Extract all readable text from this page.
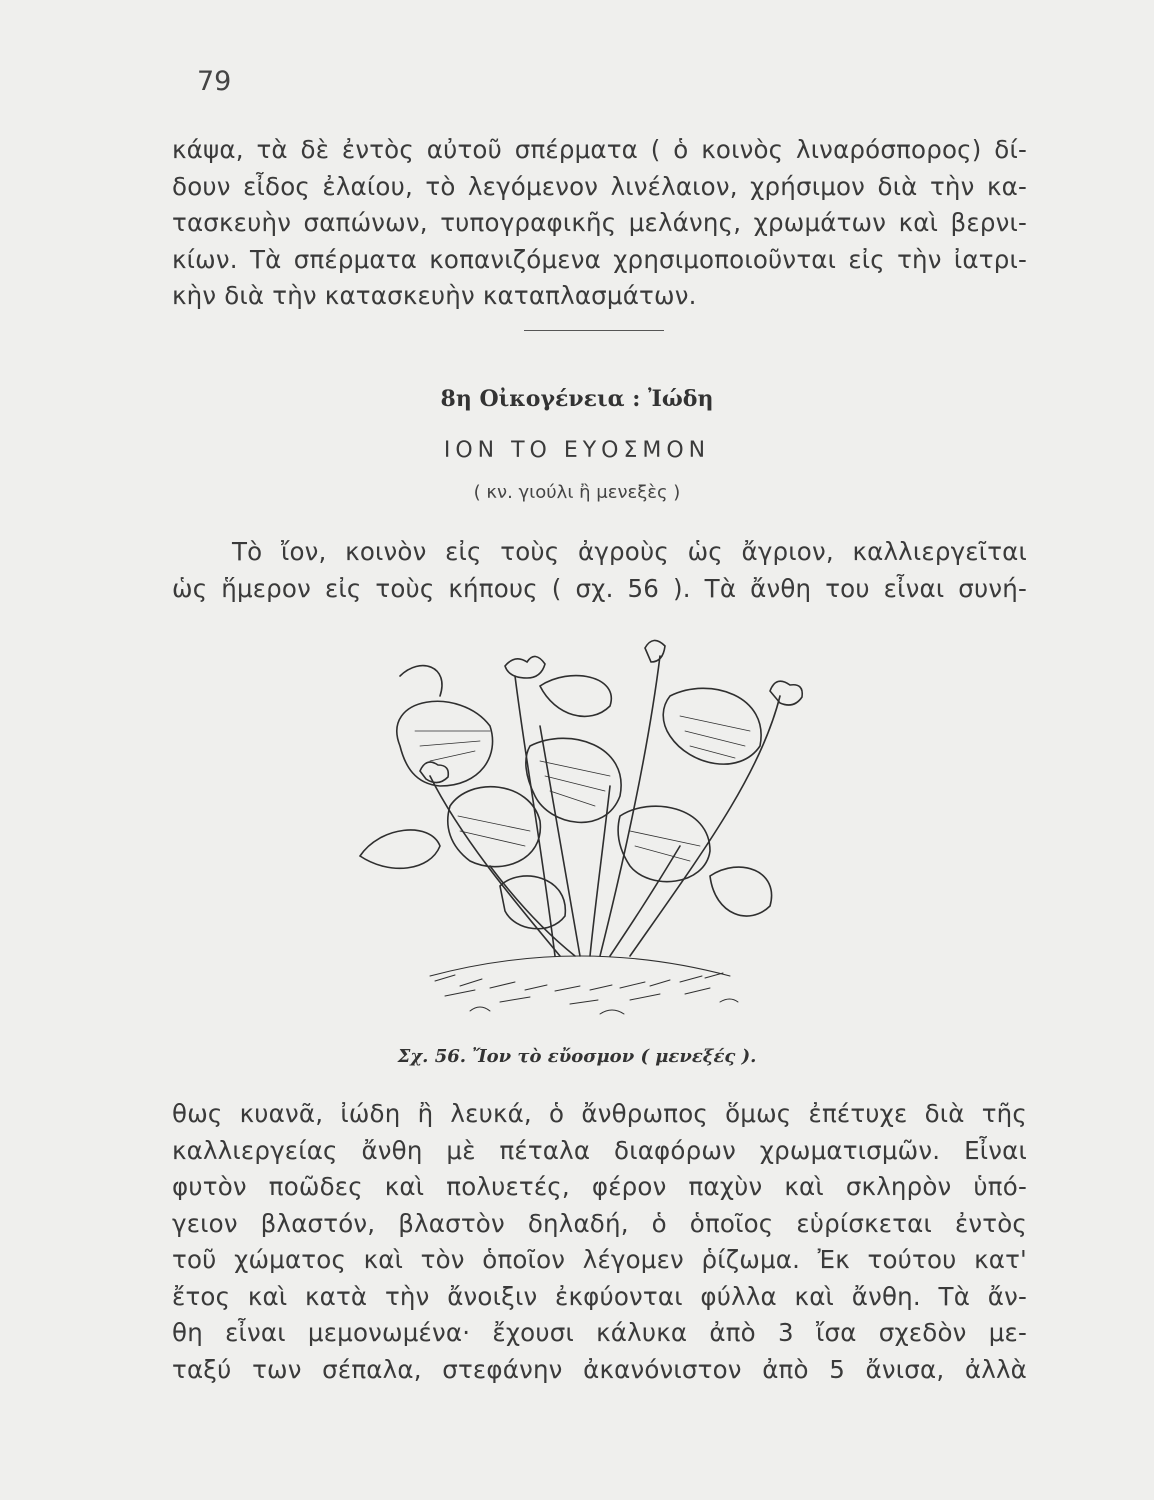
79
κάψα, τὰ δὲ ἐντὸς αὐτοῦ σπέρματα ( ὁ κοινὸς λιναρόσπορος) δί-
δουν εἶδος ἐλαίου, τὸ λεγόμενον λινέλαιον, χρήσιμον διὰ τὴν κα-
τασκευὴν σαπώνων, τυπογραφικῆς μελάνης, χρωμάτων καὶ βερνι-
κίων. Τὰ σπέρματα κοπανιζόμενα χρησιμοποιοῦνται εἰς τὴν ἰατρι-
κὴν διὰ τὴν κατασκευὴν καταπλασμάτων.
8η Οἰκογένεια : Ἰώδη
ΙΟΝ ΤΟ ΕΥΟΣΜΟΝ
( κν. γιούλι ἢ μενεξὲς )
Τὸ ἴον, κοινὸν εἰς τοὺς ἀγροὺς ὡς ἄγριον, καλλιεργεῖται
ὡς ἥμερον εἰς τοὺς κήπους ( σχ. 56 ). Τὰ ἄνθη του εἶναι συνή-
Σχ. 56. Ἴον τὸ εὔοσμον ( μενεξές ).
θως κυανᾶ, ἰώδη ἢ λευκά, ὁ ἄνθρωπος ὅμως ἐπέτυχε διὰ τῆς
καλλιεργείας ἄνθη μὲ πέταλα διαφόρων χρωματισμῶν. Εἶναι
φυτὸν ποῶδες καὶ πολυετές, φέρον παχὺν καὶ σκληρὸν ὑπό-
γειον βλαστόν, βλαστὸν δηλαδή, ὁ ὁποῖος εὑρίσκεται ἐντὸς
τοῦ χώματος καὶ τὸν ὁποῖον λέγομεν ῥίζωμα. Ἐκ τούτου κατ'
ἔτος καὶ κατὰ τὴν ἄνοιξιν ἐκφύονται φύλλα καὶ ἄνθη. Τὰ ἄν-
θη εἶναι μεμονωμένα· ἔχουσι κάλυκα ἀπὸ 3 ἴσα σχεδὸν με-
ταξύ των σέπαλα, στεφάνην ἀκανόνιστον ἀπὸ 5 ἄνισα, ἀλλὰ
